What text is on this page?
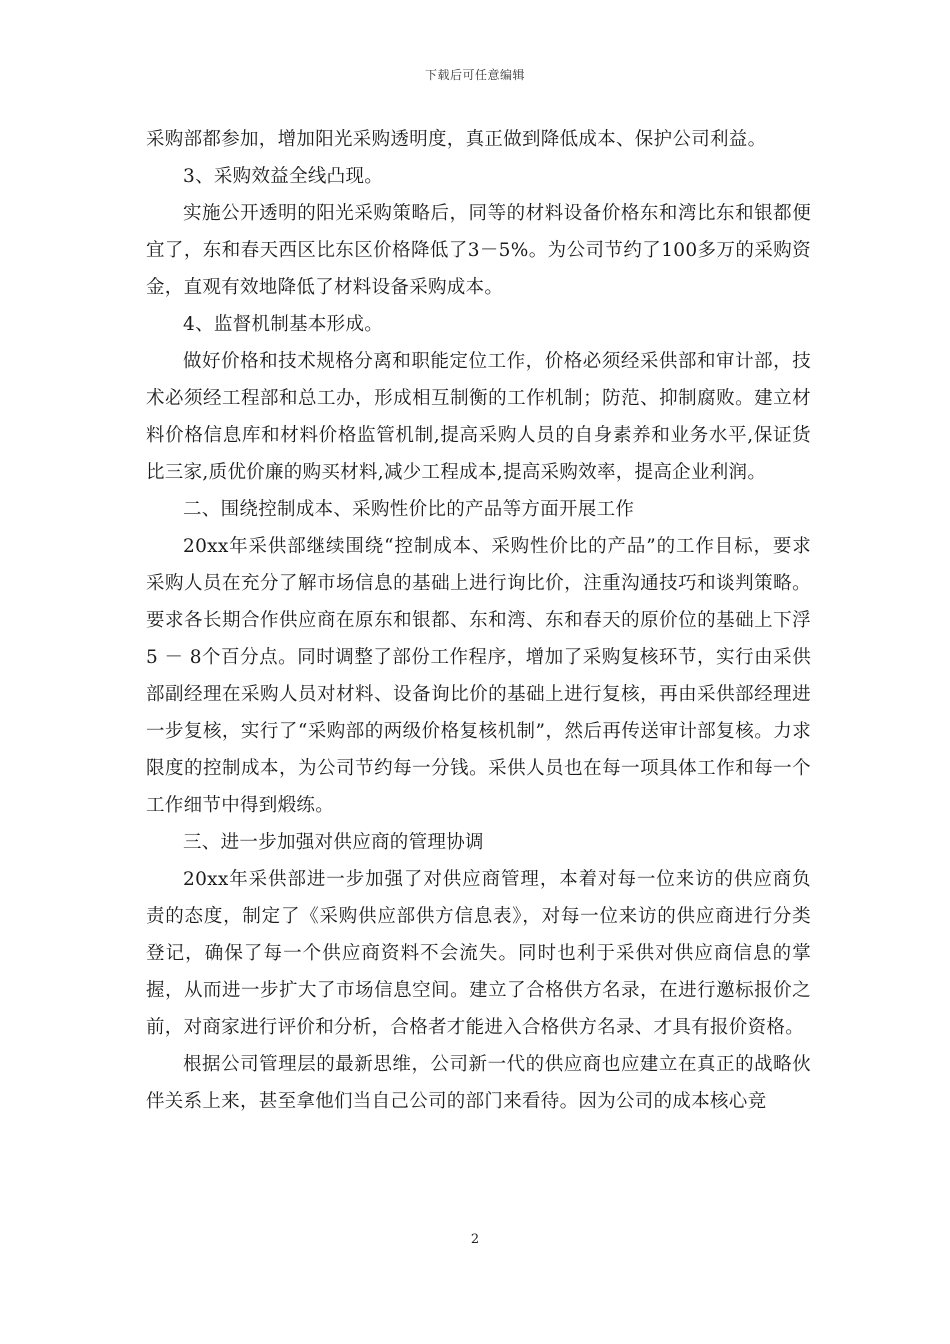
下载后可任意编辑

采购部都参加，增加阳光采购透明度，真正做到降低成本、保护公司利益。

3、采购效益全线凸现。

实施公开透明的阳光采购策略后，同等的材料设备价格东和湾比东和银都便宜了，东和春天西区比东区价格降低了3－5%。为公司节约了100多万的采购资金，直观有效地降低了材料设备采购成本。

4、监督机制基本形成。

做好价格和技术规格分离和职能定位工作，价格必须经采供部和审计部，技术必须经工程部和总工办，形成相互制衡的工作机制；防范、抑制腐败。建立材料价格信息库和材料价格监管机制,提高采购人员的自身素养和业务水平,保证货比三家,质优价廉的购买材料,减少工程成本,提高采购效率，提高企业利润。

二、围绕控制成本、采购性价比的产品等方面开展工作

20xx年采供部继续围绕“控制成本、采购性价比的产品”的工作目标，要求采购人员在充分了解市场信息的基础上进行询比价，注重沟通技巧和谈判策略。要求各长期合作供应商在原东和银都、东和湾、东和春天的原价位的基础上下浮5 － 8个百分点。同时调整了部份工作程序，增加了采购复核环节，实行由采供部副经理在采购人员对材料、设备询比价的基础上进行复核，再由采供部经理进一步复核，实行了“采购部的两级价格复核机制”，然后再传送审计部复核。力求限度的控制成本，为公司节约每一分钱。采供人员也在每一项具体工作和每一个工作细节中得到煅练。

三、进一步加强对供应商的管理协调

20xx年采供部进一步加强了对供应商管理，本着对每一位来访的供应商负责的态度，制定了《采购供应部供方信息表》，对每一位来访的供应商进行分类登记，确保了每一个供应商资料不会流失。同时也利于采供对供应商信息的掌握，从而进一步扩大了市场信息空间。建立了合格供方名录，在进行邀标报价之前，对商家进行评价和分析，合格者才能进入合格供方名录、才具有报价资格。

根据公司管理层的最新思维，公司新一代的供应商也应建立在真正的战略伙伴关系上来，甚至拿他们当自己公司的部门来看待。因为公司的成本核心竞

2
